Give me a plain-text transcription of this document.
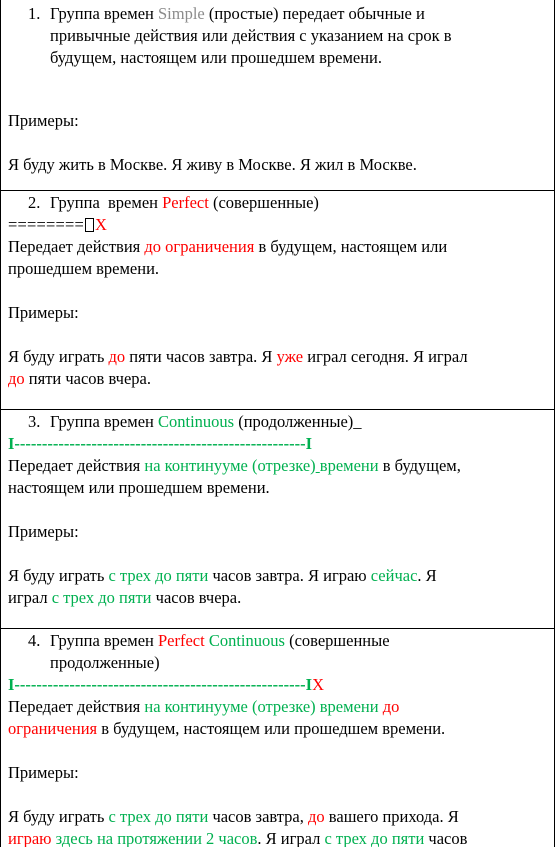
1. Группа времен Simple (простые) передает обычные и
привычные действия или действия с указанием на срок в
будущем, настоящем или прошедшем времени.
Примеры:
Я буду жить в Москве. Я живу в Москве. Я жил в Москве.
2. Группа  времен Perfect (совершенные)
======== X
Передает действия до ограничения в будущем, настоящем или
прошедшем времени.
Примеры:
Я буду играть до пяти часов завтра. Я уже играл сегодня. Я играл
до пяти часов вчера.
3. Группа времен Continuous (продолженные)_
I-----------------------------------------------------I
Передает действия на континууме (отрезке) времени в будущем,
настоящем или прошедшем времени.
Примеры:
Я буду играть с трех до пяти часов завтра. Я играю сейчас. Я
играл с трех до пяти часов вчера.
4. Группа времен Perfect Continuous (совершенные
продолженные)
I-----------------------------------------------------IX
Передает действия на континууме (отрезке) времени до
ограничения в будущем, настоящем или прошедшем времени.
Примеры:
Я буду играть с трех до пяти часов завтра, до вашего прихода. Я
играю здесь на протяжении 2 часов. Я играл с трех до пяти часов
